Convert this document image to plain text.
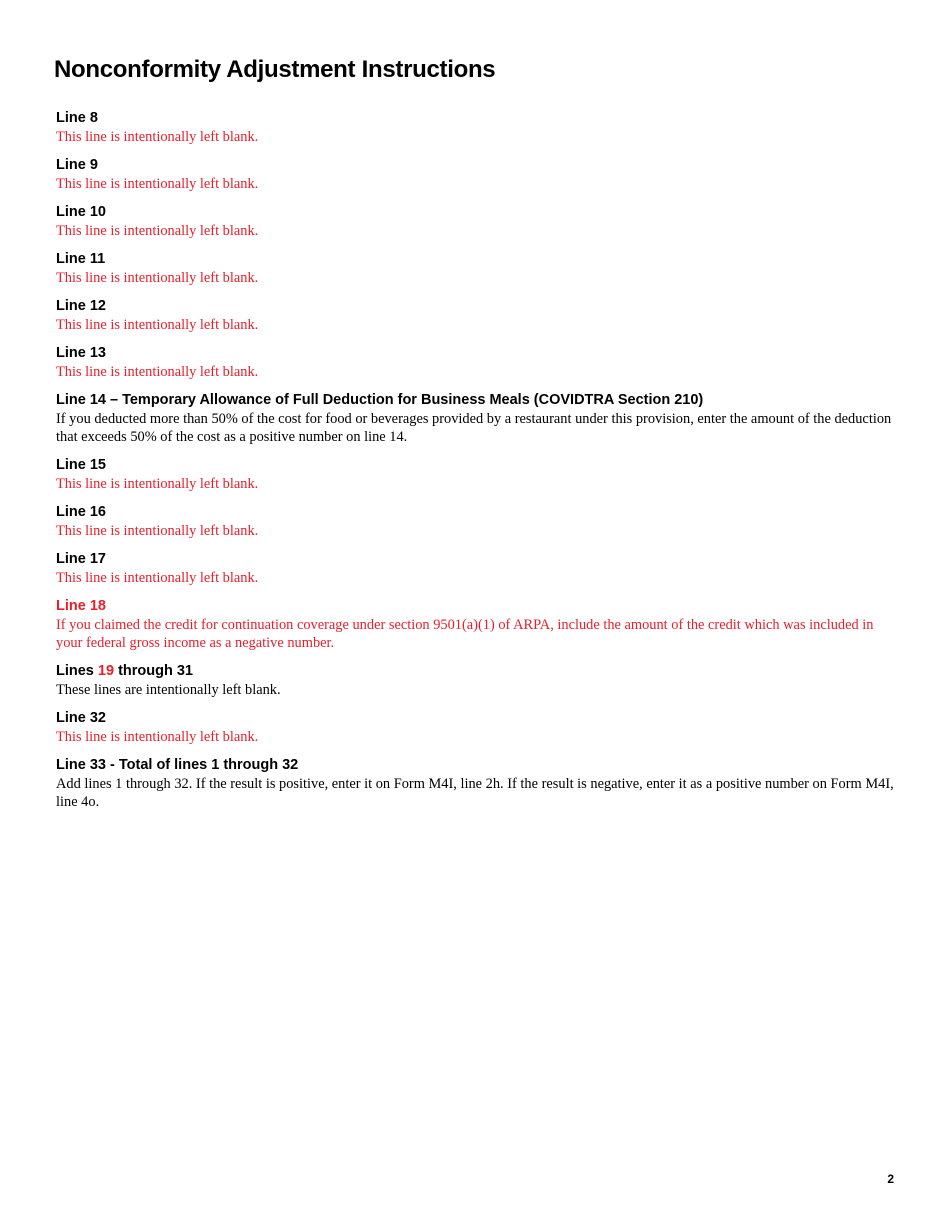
Nonconformity Adjustment Instructions

Line 8

This line is intentionally left blank.

Line 9

This line is intentionally left blank.

Line 10

This line is intentionally left blank.

Line 11

This line is intentionally left blank.

Line 12

This line is intentionally left blank.

Line 13

This line is intentionally left blank.

Line 14 – Temporary Allowance of Full Deduction for Business Meals (COVIDTRA Section 210)

If you deducted more than 50% of the cost for food or beverages provided by a restaurant under this provision, enter the amount of the deduction that exceeds 50% of the cost as a positive number on line 14.

Line 15

This line is intentionally left blank.

Line 16

This line is intentionally left blank.

Line 17

This line is intentionally left blank.

Line 18

If you claimed the credit for continuation coverage under section 9501(a)(1) of ARPA, include the amount of the credit which was included in your federal gross income as a negative number.

Lines 19 through 31

These lines are intentionally left blank.

Line 32

This line is intentionally left blank.

Line 33 - Total of lines 1 through 32

Add lines 1 through 32. If the result is positive, enter it on Form M4I, line 2h. If the result is negative, enter it as a positive number on Form M4I, line 4o.

2
